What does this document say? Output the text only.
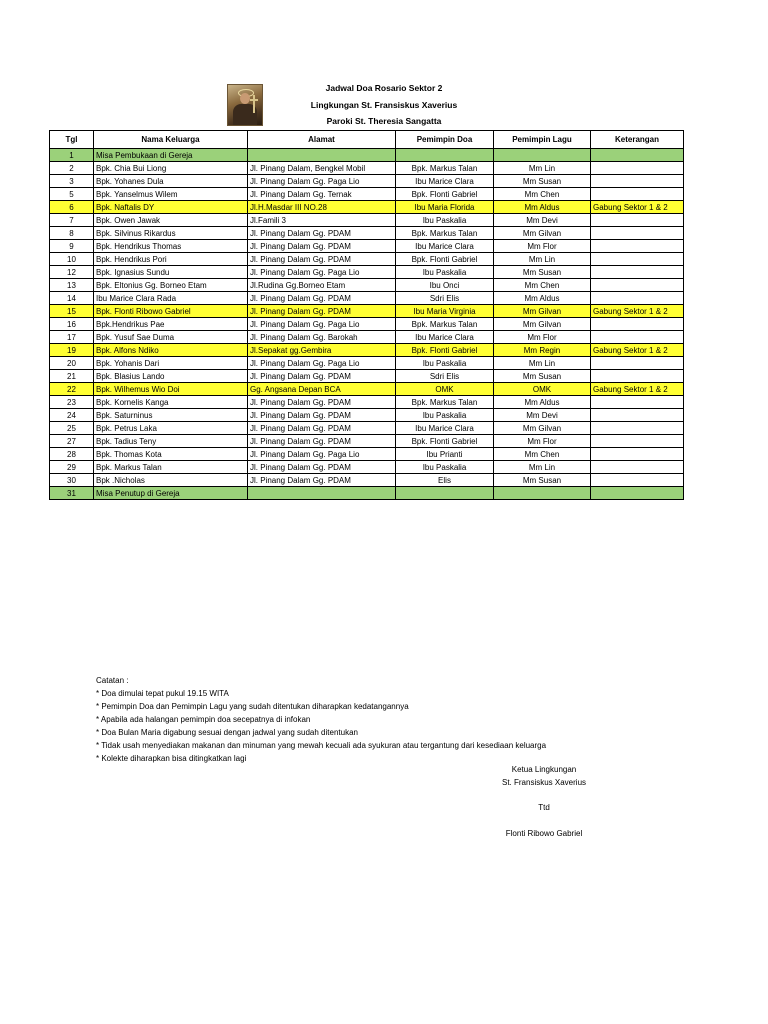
Jadwal Doa Rosario Sektor 2
Lingkungan St. Fransiskus Xaverius
Paroki St. Theresia Sangatta
Tgl	Nama Keluarga	Alamat	Pemimpin Doa	Pemimpin Lagu	Keterangan
1	Misa Pembukaan di Gereja				
2	Bpk. Chia Bui Liong	Jl. Pinang Dalam, Bengkel Mobil	Bpk. Markus Talan	Mm Lin	
3	Bpk. Yohanes Dula	Jl. Pinang Dalam Gg. Paga Lio	Ibu Marice Clara	Mm Susan	
5	Bpk. Yanselmus Wilem	Jl. Pinang Dalam Gg. Ternak	Bpk. Flonti Gabriel	Mm Chen	
6	Bpk. Naftalis DY	Jl.H.Masdar III NO.28	Ibu Maria Florida	Mm Aldus	Gabung Sektor 1 & 2
7	Bpk. Owen Jawak	Jl.Famili 3	Ibu Paskalia	Mm Devi	
8	Bpk. Silvinus Rikardus	Jl. Pinang Dalam Gg. PDAM	Bpk. Markus Talan	Mm Gilvan	
9	Bpk. Hendrikus Thomas	Jl. Pinang Dalam Gg. PDAM	Ibu Marice Clara	Mm Flor	
10	Bpk. Hendrikus Pori	Jl. Pinang Dalam Gg. PDAM	Bpk. Flonti Gabriel	Mm Lin	
12	Bpk. Ignasius Sundu	Jl. Pinang Dalam Gg. Paga Lio	Ibu Paskalia	Mm Susan	
13	Bpk. Eltonius Gg. Borneo Etam	Jl.Rudina Gg.Borneo Etam	Ibu Onci	Mm Chen	
14	Ibu Marice Clara Rada	Jl. Pinang Dalam Gg. PDAM	Sdri Elis	Mm Aldus	
15	Bpk. Flonti Ribowo Gabriel	Jl. Pinang Dalam Gg. PDAM	Ibu Maria Virginia	Mm Gilvan	Gabung Sektor 1 & 2
16	Bpk.Hendrikus Pae	Jl. Pinang Dalam Gg. Paga Lio	Bpk. Markus Talan	Mm Gilvan	
17	Bpk. Yusuf Sae Duma	Jl. Pinang Dalam Gg. Barokah	Ibu Marice Clara	Mm Flor	
19	Bpk. Alfons Ndiko	Jl.Sepakat gg.Gembira	Bpk. Flonti Gabriel	Mm Regin	Gabung Sektor 1 & 2
20	Bpk. Yohanis Dari	Jl. Pinang Dalam Gg. Paga Lio	Ibu Paskalia	Mm Lin	
21	Bpk. Blasius Lando	Jl. Pinang Dalam Gg. PDAM	Sdri Elis	Mm Susan	
22	Bpk. Wilhemus Wio Doi	Gg. Angsana Depan BCA	OMK	OMK	Gabung Sektor 1 & 2
23	Bpk. Kornelis Kanga	Jl. Pinang Dalam Gg. PDAM	Bpk. Markus Talan	Mm Aldus	
24	Bpk. Saturninus	Jl. Pinang Dalam Gg. PDAM	Ibu Paskalia	Mm Devi	
25	Bpk. Petrus Laka	Jl. Pinang Dalam Gg. PDAM	Ibu Marice Clara	Mm Gilvan	
27	Bpk. Tadius Teny	Jl. Pinang Dalam Gg. PDAM	Bpk. Flonti Gabriel	Mm Flor	
28	Bpk. Thomas Kota	Jl. Pinang Dalam Gg. Paga Lio	Ibu Prianti	Mm Chen	
29	Bpk. Markus Talan	Jl. Pinang Dalam Gg. PDAM	Ibu Paskalia	Mm Lin	
30	Bpk .Nicholas	Jl. Pinang Dalam Gg. PDAM	Elis	Mm Susan	
31	Misa Penutup di Gereja				
Catatan :
* Doa dimulai tepat pukul 19.15 WITA
* Pemimpin Doa dan Pemimpin Lagu yang sudah ditentukan diharapkan kedatangannya
* Apabila ada halangan pemimpin doa secepatnya di infokan
* Doa Bulan Maria digabung sesuai dengan jadwal yang sudah ditentukan
* Tidak usah menyediakan makanan dan minuman yang mewah kecuali ada syukuran atau tergantung dari kesediaan keluarga
* Kolekte diharapkan bisa ditingkatkan lagi
Ketua Lingkungan
St. Fransiskus Xaverius
Ttd
Flonti Ribowo Gabriel
